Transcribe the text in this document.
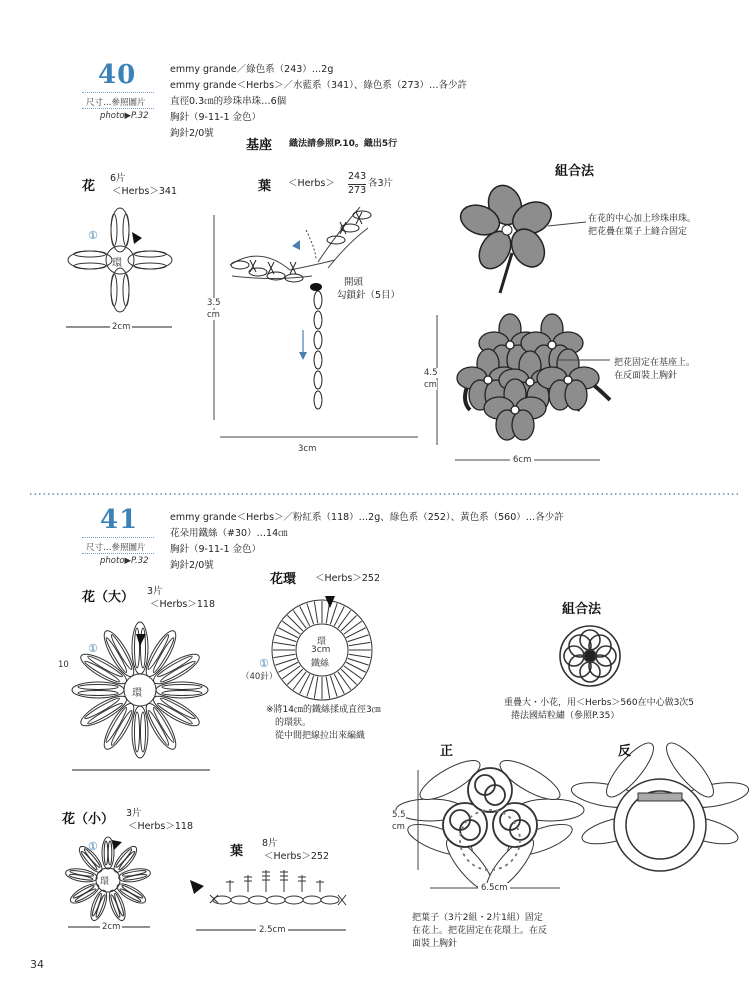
40
尺寸…參照圖片
photo▶P.32
emmy grande／綠色系（243）…2g
emmy grande＜Herbs＞／水藍系（341）、綠色系（273）…各少許
直徑0.3㎝的珍珠串珠…6個
胸針（9-11-1 金色）
鉤針2/0號
基座 織法請參照P.10。織出5行
花
6片
＜Herbs＞341
①
環
2cm
葉
243
＜Herbs＞
273
各3片
開頭
勾鎖針（5目）
3.5
cm
3cm
組合法
在花的中心加上珍珠串珠。
把花疊在葉子上縫合固定
把花固定在基座上。
在反面裝上胸針
4.5
cm
6cm
41
尺寸…參照圖片
photo▶P.32
emmy grande＜Herbs＞／粉紅系（118）…2g、綠色系（252）、黃色系（560）…各少許
花朵用鐵絲（#30）…14㎝
胸針（9-11-1 金色）
鉤針2/0號
花（大） 3片
＜Herbs＞118
環
10
①
花環 ＜Herbs＞252
環
3cm
鐵絲
①
（40針）
※將14㎝的鐵絲揉成直徑3㎝
的環狀。
從中間把線拉出來編織
組合法
重疊大・小花，用＜Herbs＞560在中心做3次5
捲法國結粒繡（參照P.35）
正	反
5.5
cm
6.5cm
把葉子（3片2組・2片1組）固定
在花上。把花固定在花環上。在反
面裝上胸針
花（小） 3片
＜Herbs＞118
環
①
2cm
葉
8片
＜Herbs＞252
2.5cm
34
